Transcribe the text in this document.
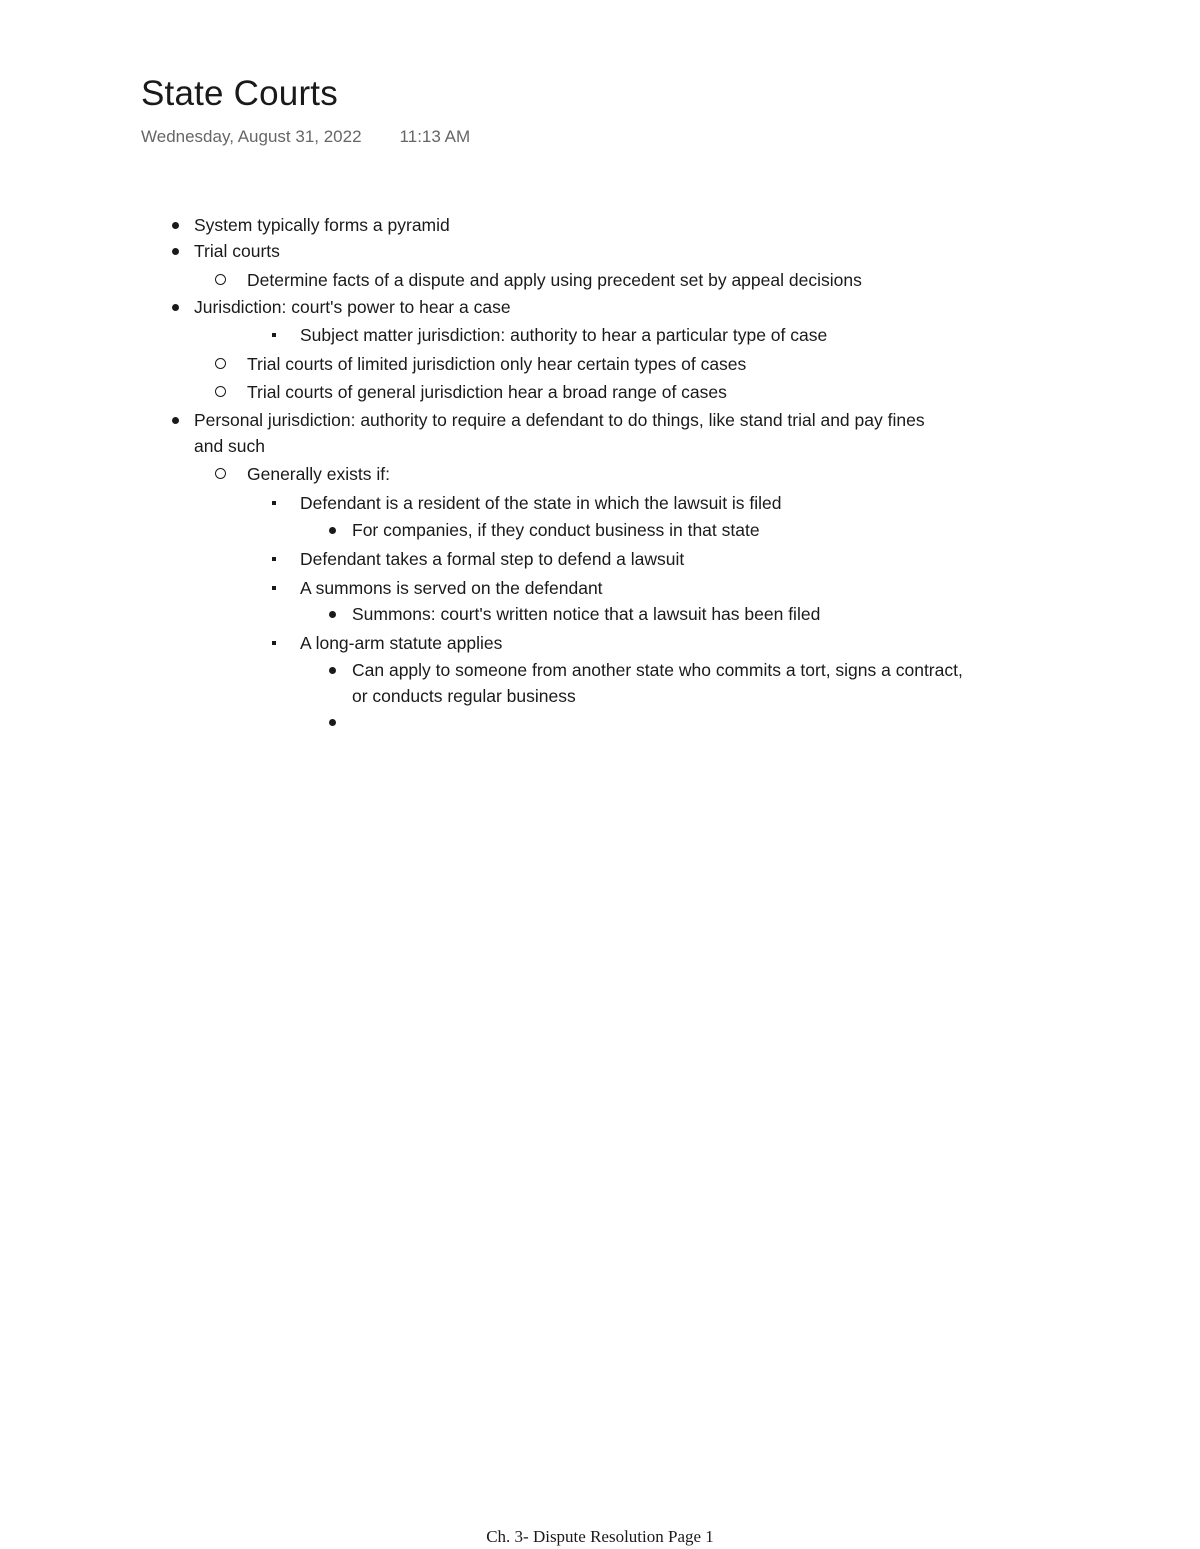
State Courts
Wednesday, August 31, 2022 11:13 AM
System typically forms a pyramid
Trial courts
Determine facts of a dispute and apply using precedent set by appeal decisions
Jurisdiction: court's power to hear a case
Subject matter jurisdiction: authority to hear a particular type of case
Trial courts of limited jurisdiction only hear certain types of cases
Trial courts of general jurisdiction hear a broad range of cases
Personal jurisdiction: authority to require a defendant to do things, like stand trial and pay fines
and such
Generally exists if:
Defendant is a resident of the state in which the lawsuit is filed
For companies, if they conduct business in that state
Defendant takes a formal step to defend a lawsuit
A summons is served on the defendant
Summons: court's written notice that a lawsuit has been filed
A long-arm statute applies
Can apply to someone from another state who commits a tort, signs a contract,
or conducts regular business
Ch. 3- Dispute Resolution Page 1
